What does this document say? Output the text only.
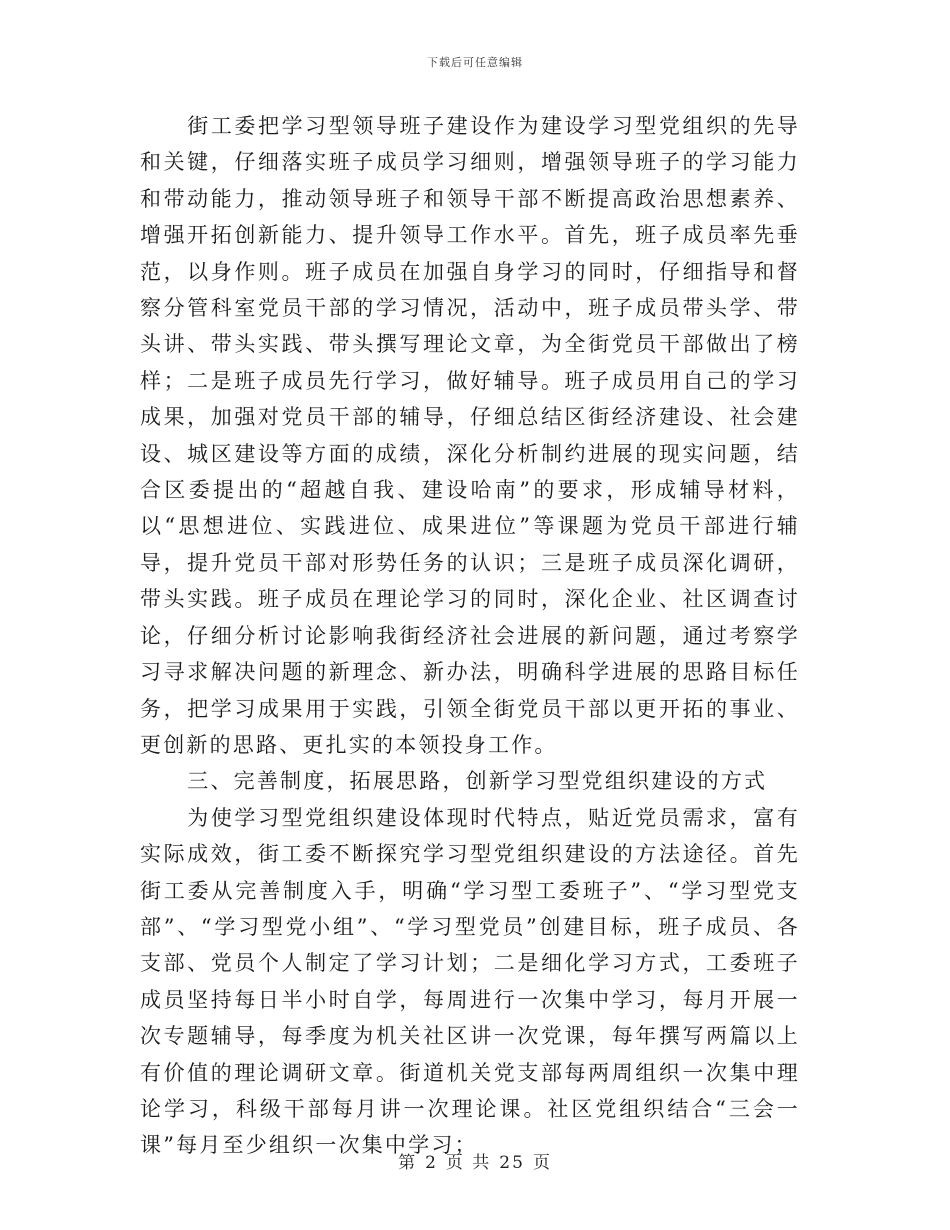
下载后可任意编辑

街工委把学习型领导班子建设作为建设学习型党组织的先导和关键，仔细落实班子成员学习细则，增强领导班子的学习能力和带动能力，推动领导班子和领导干部不断提高政治思想素养、增强开拓创新能力、提升领导工作水平。首先，班子成员率先垂范，以身作则。班子成员在加强自身学习的同时，仔细指导和督察分管科室党员干部的学习情况，活动中，班子成员带头学、带头讲、带头实践、带头撰写理论文章，为全街党员干部做出了榜样；二是班子成员先行学习，做好辅导。班子成员用自己的学习成果，加强对党员干部的辅导，仔细总结区街经济建设、社会建设、城区建设等方面的成绩，深化分析制约进展的现实问题，结合区委提出的“超越自我、建设哈南”的要求，形成辅导材料，以“思想进位、实践进位、成果进位”等课题为党员干部进行辅导，提升党员干部对形势任务的认识；三是班子成员深化调研，带头实践。班子成员在理论学习的同时，深化企业、社区调查讨论，仔细分析讨论影响我街经济社会进展的新问题，通过考察学习寻求解决问题的新理念、新办法，明确科学进展的思路目标任务，把学习成果用于实践，引领全街党员干部以更开拓的事业、更创新的思路、更扎实的本领投身工作。

三、完善制度，拓展思路，创新学习型党组织建设的方式

为使学习型党组织建设体现时代特点，贴近党员需求，富有实际成效，街工委不断探究学习型党组织建设的方法途径。首先街工委从完善制度入手，明确“学习型工委班子”、“学习型党支部”、“学习型党小组”、“学习型党员”创建目标，班子成员、各支部、党员个人制定了学习计划；二是细化学习方式，工委班子成员坚持每日半小时自学，每周进行一次集中学习，每月开展一次专题辅导，每季度为机关社区讲一次党课，每年撰写两篇以上有价值的理论调研文章。街道机关党支部每两周组织一次集中理论学习，科级干部每月讲一次理论课。社区党组织结合“三会一课”每月至少组织一次集中学习；

第 2 页 共 25 页
